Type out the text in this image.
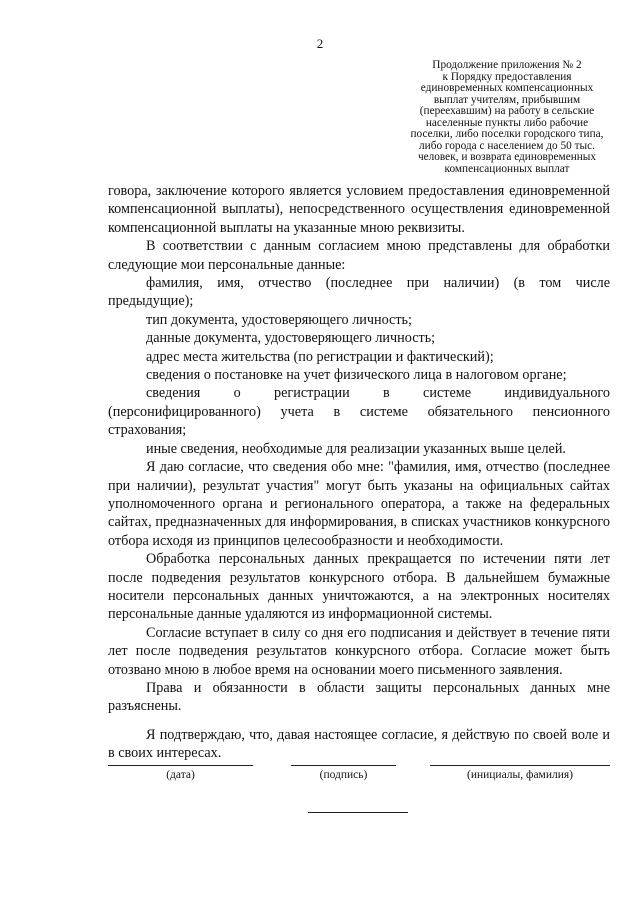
2
Продолжение приложения № 2
к Порядку предоставления
единовременных компенсационных
выплат учителям, прибывшим
(переехавшим) на работу в сельские
населенные пункты либо рабочие
поселки, либо поселки городского типа,
либо города с населением до 50 тыс.
человек, и возврата единовременных
компенсационных выплат

говора, заключение которого является условием предоставления единовременной компенсационной выплаты), непосредственного осуществления единовременной компенсационной выплаты на указанные мною реквизиты.

В соответствии с данным согласием мною представлены для обработки следующие мои персональные данные:

фамилия, имя, отчество (последнее при наличии) (в том числе предыдущие);

тип документа, удостоверяющего личность;

данные документа, удостоверяющего личность;

адрес места жительства (по регистрации и фактический);

сведения о постановке на учет физического лица в налоговом органе;

сведения о регистрации в системе индивидуального (персонифицированного) учета в системе обязательного пенсионного страхования;

иные сведения, необходимые для реализации указанных выше целей.

Я даю согласие, что сведения обо мне: "фамилия, имя, отчество (последнее при наличии), результат участия" могут быть указаны на официальных сайтах уполномоченного органа и регионального оператора, а также на федеральных сайтах, предназначенных для информирования, в списках участников конкурсного отбора исходя из принципов целесообразности и необходимости.

Обработка персональных данных прекращается по истечении пяти лет после подведения результатов конкурсного отбора. В дальнейшем бумажные носители персональных данных уничтожаются, а на электронных носителях персональные данные удаляются из информационной системы.

Согласие вступает в силу со дня его подписания и действует в течение пяти лет после подведения результатов конкурсного отбора. Согласие может быть отозвано мною в любое время на основании моего письменного заявления.

Права и обязанности в области защиты персональных данных мне разъяснены.

Я подтверждаю, что, давая настоящее согласие, я действую по своей воле и в своих интересах.

(дата)	(подпись)	(инициалы, фамилия)
